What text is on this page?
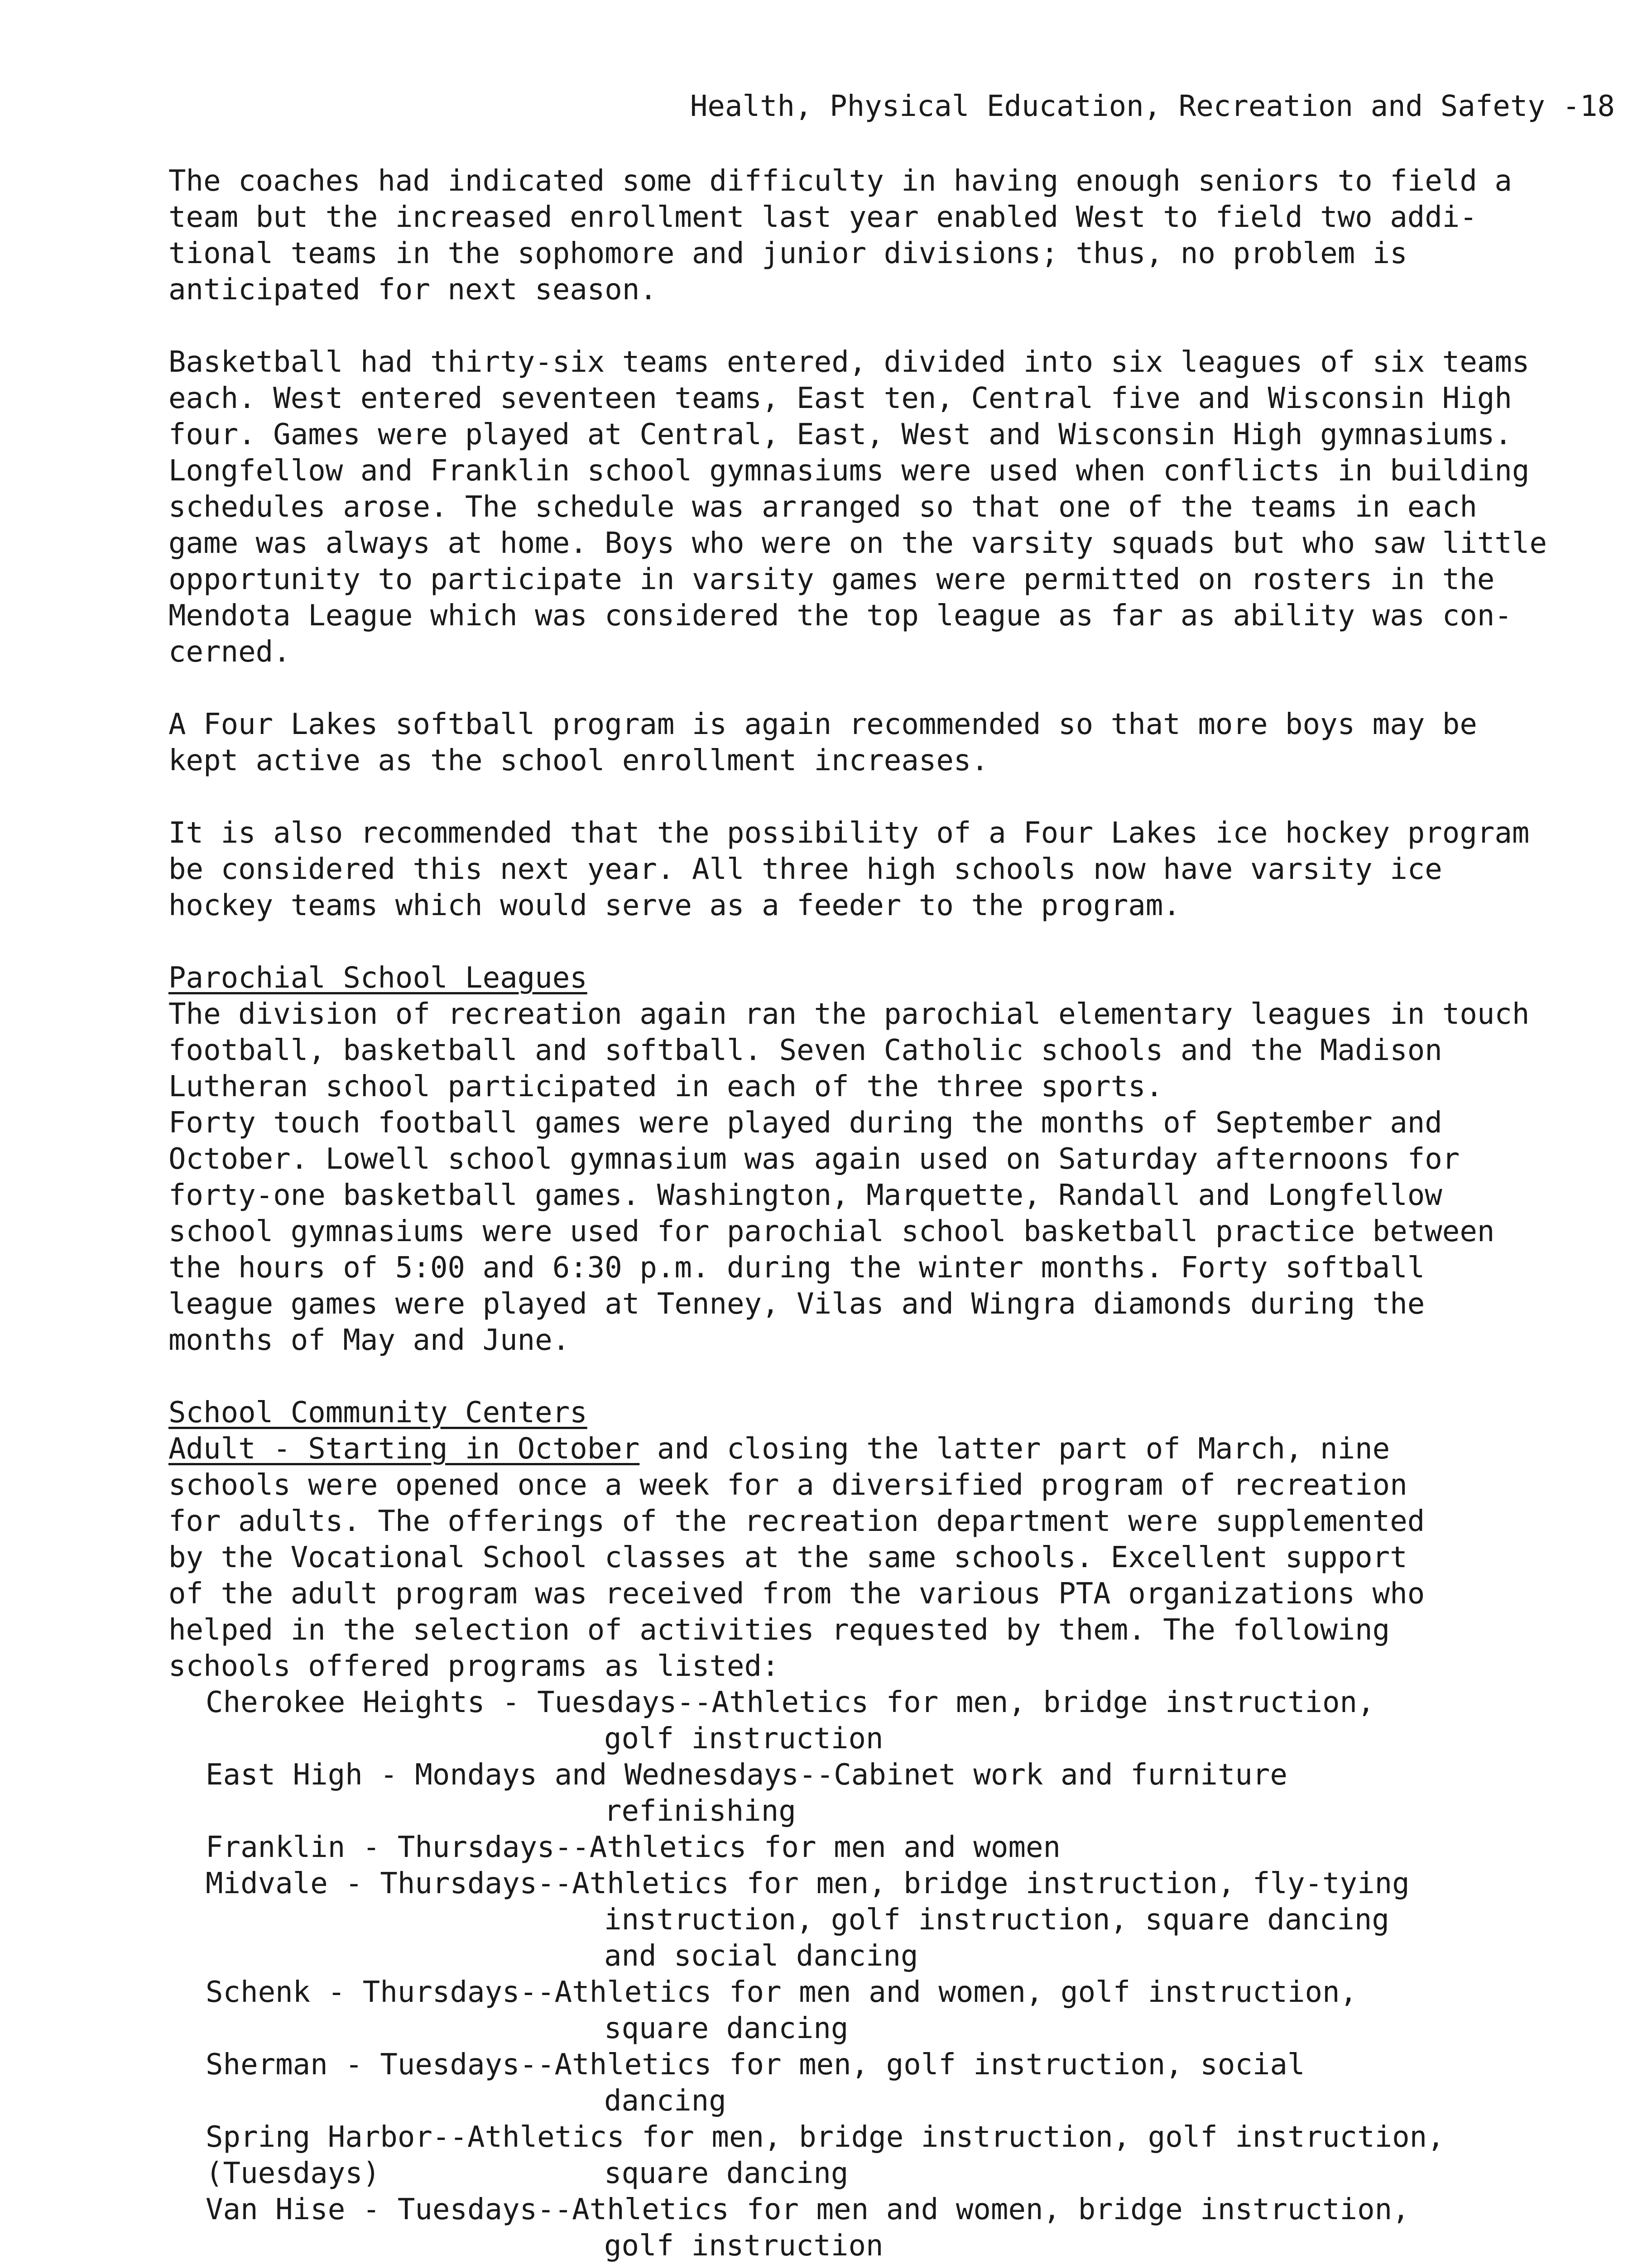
Health, Physical Education, Recreation and Safety -18

The coaches had indicated some difficulty in having enough seniors to field a
team but the increased enrollment last year enabled West to field two addi-
tional teams in the sophomore and junior divisions; thus, no problem is
anticipated for next season.

Basketball had thirty-six teams entered, divided into six leagues of six teams
each. West entered seventeen teams, East ten, Central five and Wisconsin High
four. Games were played at Central, East, West and Wisconsin High gymnasiums.
Longfellow and Franklin school gymnasiums were used when conflicts in building
schedules arose. The schedule was arranged so that one of the teams in each
game was always at home. Boys who were on the varsity squads but who saw little
opportunity to participate in varsity games were permitted on rosters in the
Mendota League which was considered the top league as far as ability was con-
cerned.

A Four Lakes softball program is again recommended so that more boys may be
kept active as the school enrollment increases.

It is also recommended that the possibility of a Four Lakes ice hockey program
be considered this next year. All three high schools now have varsity ice
hockey teams which would serve as a feeder to the program.

Parochial School Leagues

The division of recreation again ran the parochial elementary leagues in touch
football, basketball and softball. Seven Catholic schools and the Madison
Lutheran school participated in each of the three sports.
Forty touch football games were played during the months of September and
October. Lowell school gymnasium was again used on Saturday afternoons for
forty-one basketball games. Washington, Marquette, Randall and Longfellow
school gymnasiums were used for parochial school basketball practice between
the hours of 5:00 and 6:30 p.m. during the winter months. Forty softball
league games were played at Tenney, Vilas and Wingra diamonds during the
months of May and June.

School Community Centers

Adult - Starting in October and closing the latter part of March, nine
schools were opened once a week for a diversified program of recreation
for adults. The offerings of the recreation department were supplemented
by the Vocational School classes at the same schools. Excellent support
of the adult program was received from the various PTA organizations who
helped in the selection of activities requested by them. The following
schools offered programs as listed:

Cherokee Heights - Tuesdays--Athletics for men, bridge instruction,

golf instruction

East High - Mondays and Wednesdays--Cabinet work and furniture

refinishing

Franklin - Thursdays--Athletics for men and women

Midvale - Thursdays--Athletics for men, bridge instruction, fly-tying

instruction, golf instruction, square dancing
and social dancing

Schenk - Thursdays--Athletics for men and women, golf instruction,

square dancing

Sherman - Tuesdays--Athletics for men, golf instruction, social

dancing

Spring Harbor--Athletics for men, bridge instruction, golf instruction,

(Tuesdays)	square dancing

Van Hise - Tuesdays--Athletics for men and women, bridge instruction,

golf instruction
